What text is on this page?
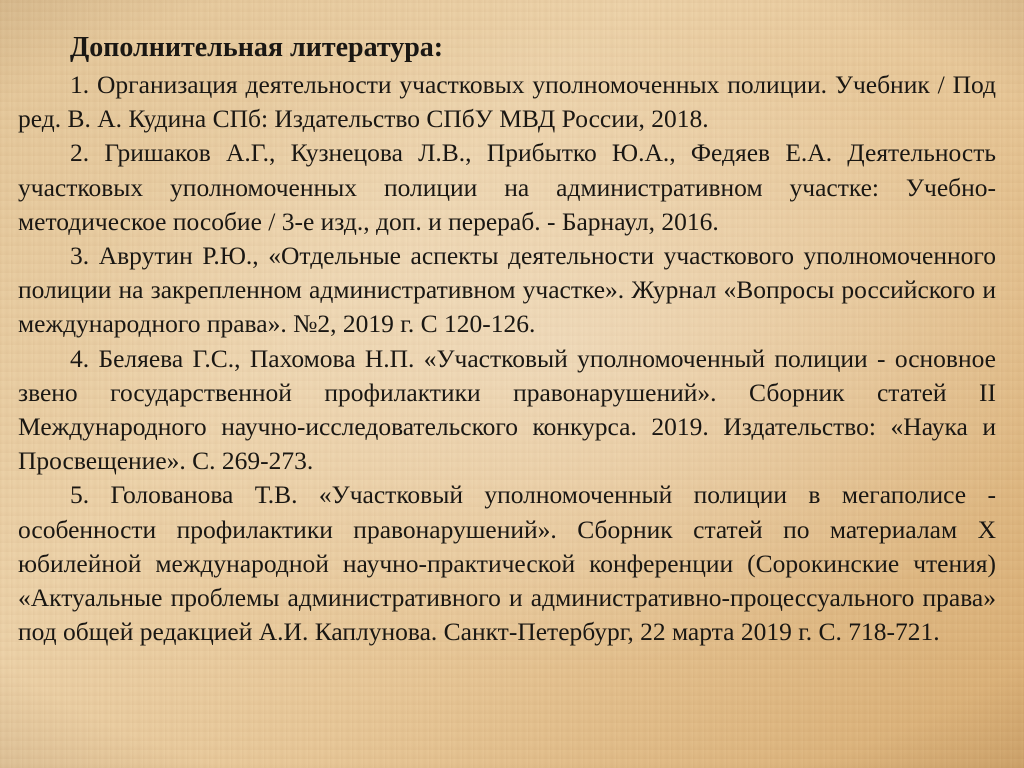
Дополнительная литература:

1. Организация деятельности участковых уполномоченных полиции. Учебник / Под ред. В. А. Кудина СПб: Издательство СПбУ МВД России, 2018.

2. Гришаков А.Г., Кузнецова Л.В., Прибытко Ю.А., Федяев Е.А. Деятельность участковых уполномоченных полиции на административном участке: Учебно-методическое пособие / 3-е изд., доп. и перераб. - Барнаул, 2016.

3. Аврутин Р.Ю., «Отдельные аспекты деятельности участкового уполномоченного полиции на закрепленном административном участке». Журнал «Вопросы российского и международного права». №2, 2019 г. С 120-126.

4. Беляева Г.С., Пахомова Н.П. «Участковый уполномоченный полиции - основное звено государственной профилактики правонарушений». Сборник статей II Международного научно-исследовательского конкурса. 2019. Издательство: «Наука и Просвещение». С. 269-273.

5. Голованова Т.В. «Участковый уполномоченный полиции в мегаполисе - особенности профилактики правонарушений». Сборник статей по материалам X юбилейной международной научно-практической конференции (Сорокинские чтения) «Актуальные проблемы административного и административно-процессуального права» под общей редакцией А.И. Каплунова. Санкт-Петербург, 22 марта 2019 г. С. 718-721.
